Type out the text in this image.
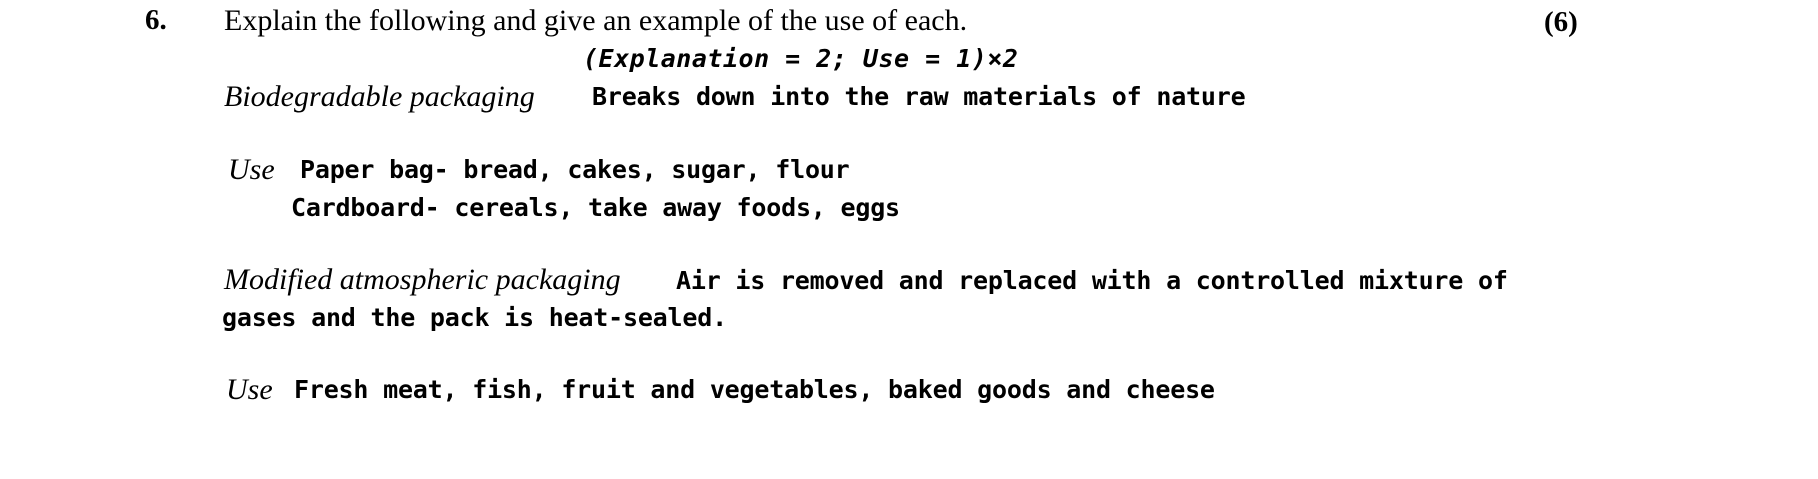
6. Explain the following and give an example of the use of each.	(6)
(Explanation = 2; Use = 1)×2
Biodegradable packaging Breaks down into the raw materials of nature
Use Paper bag- bread, cakes, sugar, flour
Cardboard- cereals, take away foods, eggs
Modified atmospheric packaging Air is removed and replaced with a controlled mixture of
gases and the pack is heat-sealed.
Use Fresh meat, fish, fruit and vegetables, baked goods and cheese
